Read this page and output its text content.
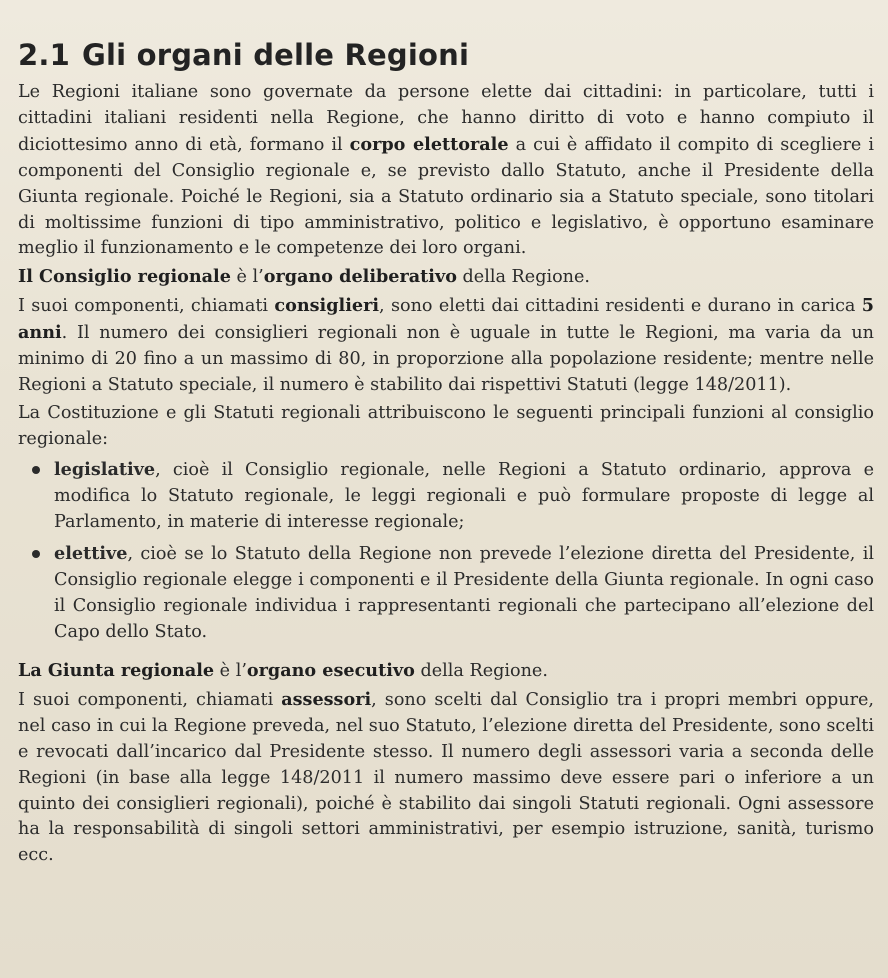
2.1 Gli organi delle Regioni

Le Regioni italiane sono governate da persone elette dai cittadini: in particolare, tutti i cittadini italiani residenti nella Regione, che hanno diritto di voto e hanno compiuto il diciottesimo anno di età, formano il corpo elettorale a cui è affidato il compito di scegliere i componenti del Consiglio regionale e, se previsto dallo Statuto, anche il Presidente della Giunta regionale. Poiché le Regioni, sia a Statuto ordinario sia a Statuto speciale, sono titolari di moltissime funzioni di tipo amministrativo, politico e legislativo, è opportuno esaminare meglio il funzionamento e le competenze dei loro organi.

Il Consiglio regionale è l’organo deliberativo della Regione.

I suoi componenti, chiamati consiglieri, sono eletti dai cittadini residenti e durano in carica 5 anni. Il numero dei consiglieri regionali non è uguale in tutte le Regioni, ma varia da un minimo di 20 fino a un massimo di 80, in proporzione alla popolazione residente; mentre nelle Regioni a Statuto speciale, il numero è stabilito dai rispettivi Statuti (legge 148/2011).

La Costituzione e gli Statuti regionali attribuiscono le seguenti principali funzioni al consiglio regionale:

legislative, cioè il Consiglio regionale, nelle Regioni a Statuto ordinario, approva e modifica lo Statuto regionale, le leggi regionali e può formulare proposte di legge al Parlamento, in materie di interesse regionale;
elettive, cioè se lo Statuto della Regione non prevede l’elezione diretta del Presidente, il Consiglio regionale elegge i componenti e il Presidente della Giunta regionale. In ogni caso il Consiglio regionale individua i rappresentanti regionali che partecipano all’elezione del Capo dello Stato.

La Giunta regionale è l’organo esecutivo della Regione.

I suoi componenti, chiamati assessori, sono scelti dal Consiglio tra i propri membri oppure, nel caso in cui la Regione preveda, nel suo Statuto, l’elezione diretta del Presidente, sono scelti e revocati dall’incarico dal Presidente stesso. Il numero degli assessori varia a seconda delle Regioni (in base alla legge 148/2011 il numero massimo deve essere pari o inferiore a un quinto dei consiglieri regionali), poiché è stabilito dai singoli Statuti regionali. Ogni assessore ha la responsabilità di singoli settori amministrativi, per esempio istruzione, sanità, turismo ecc.
